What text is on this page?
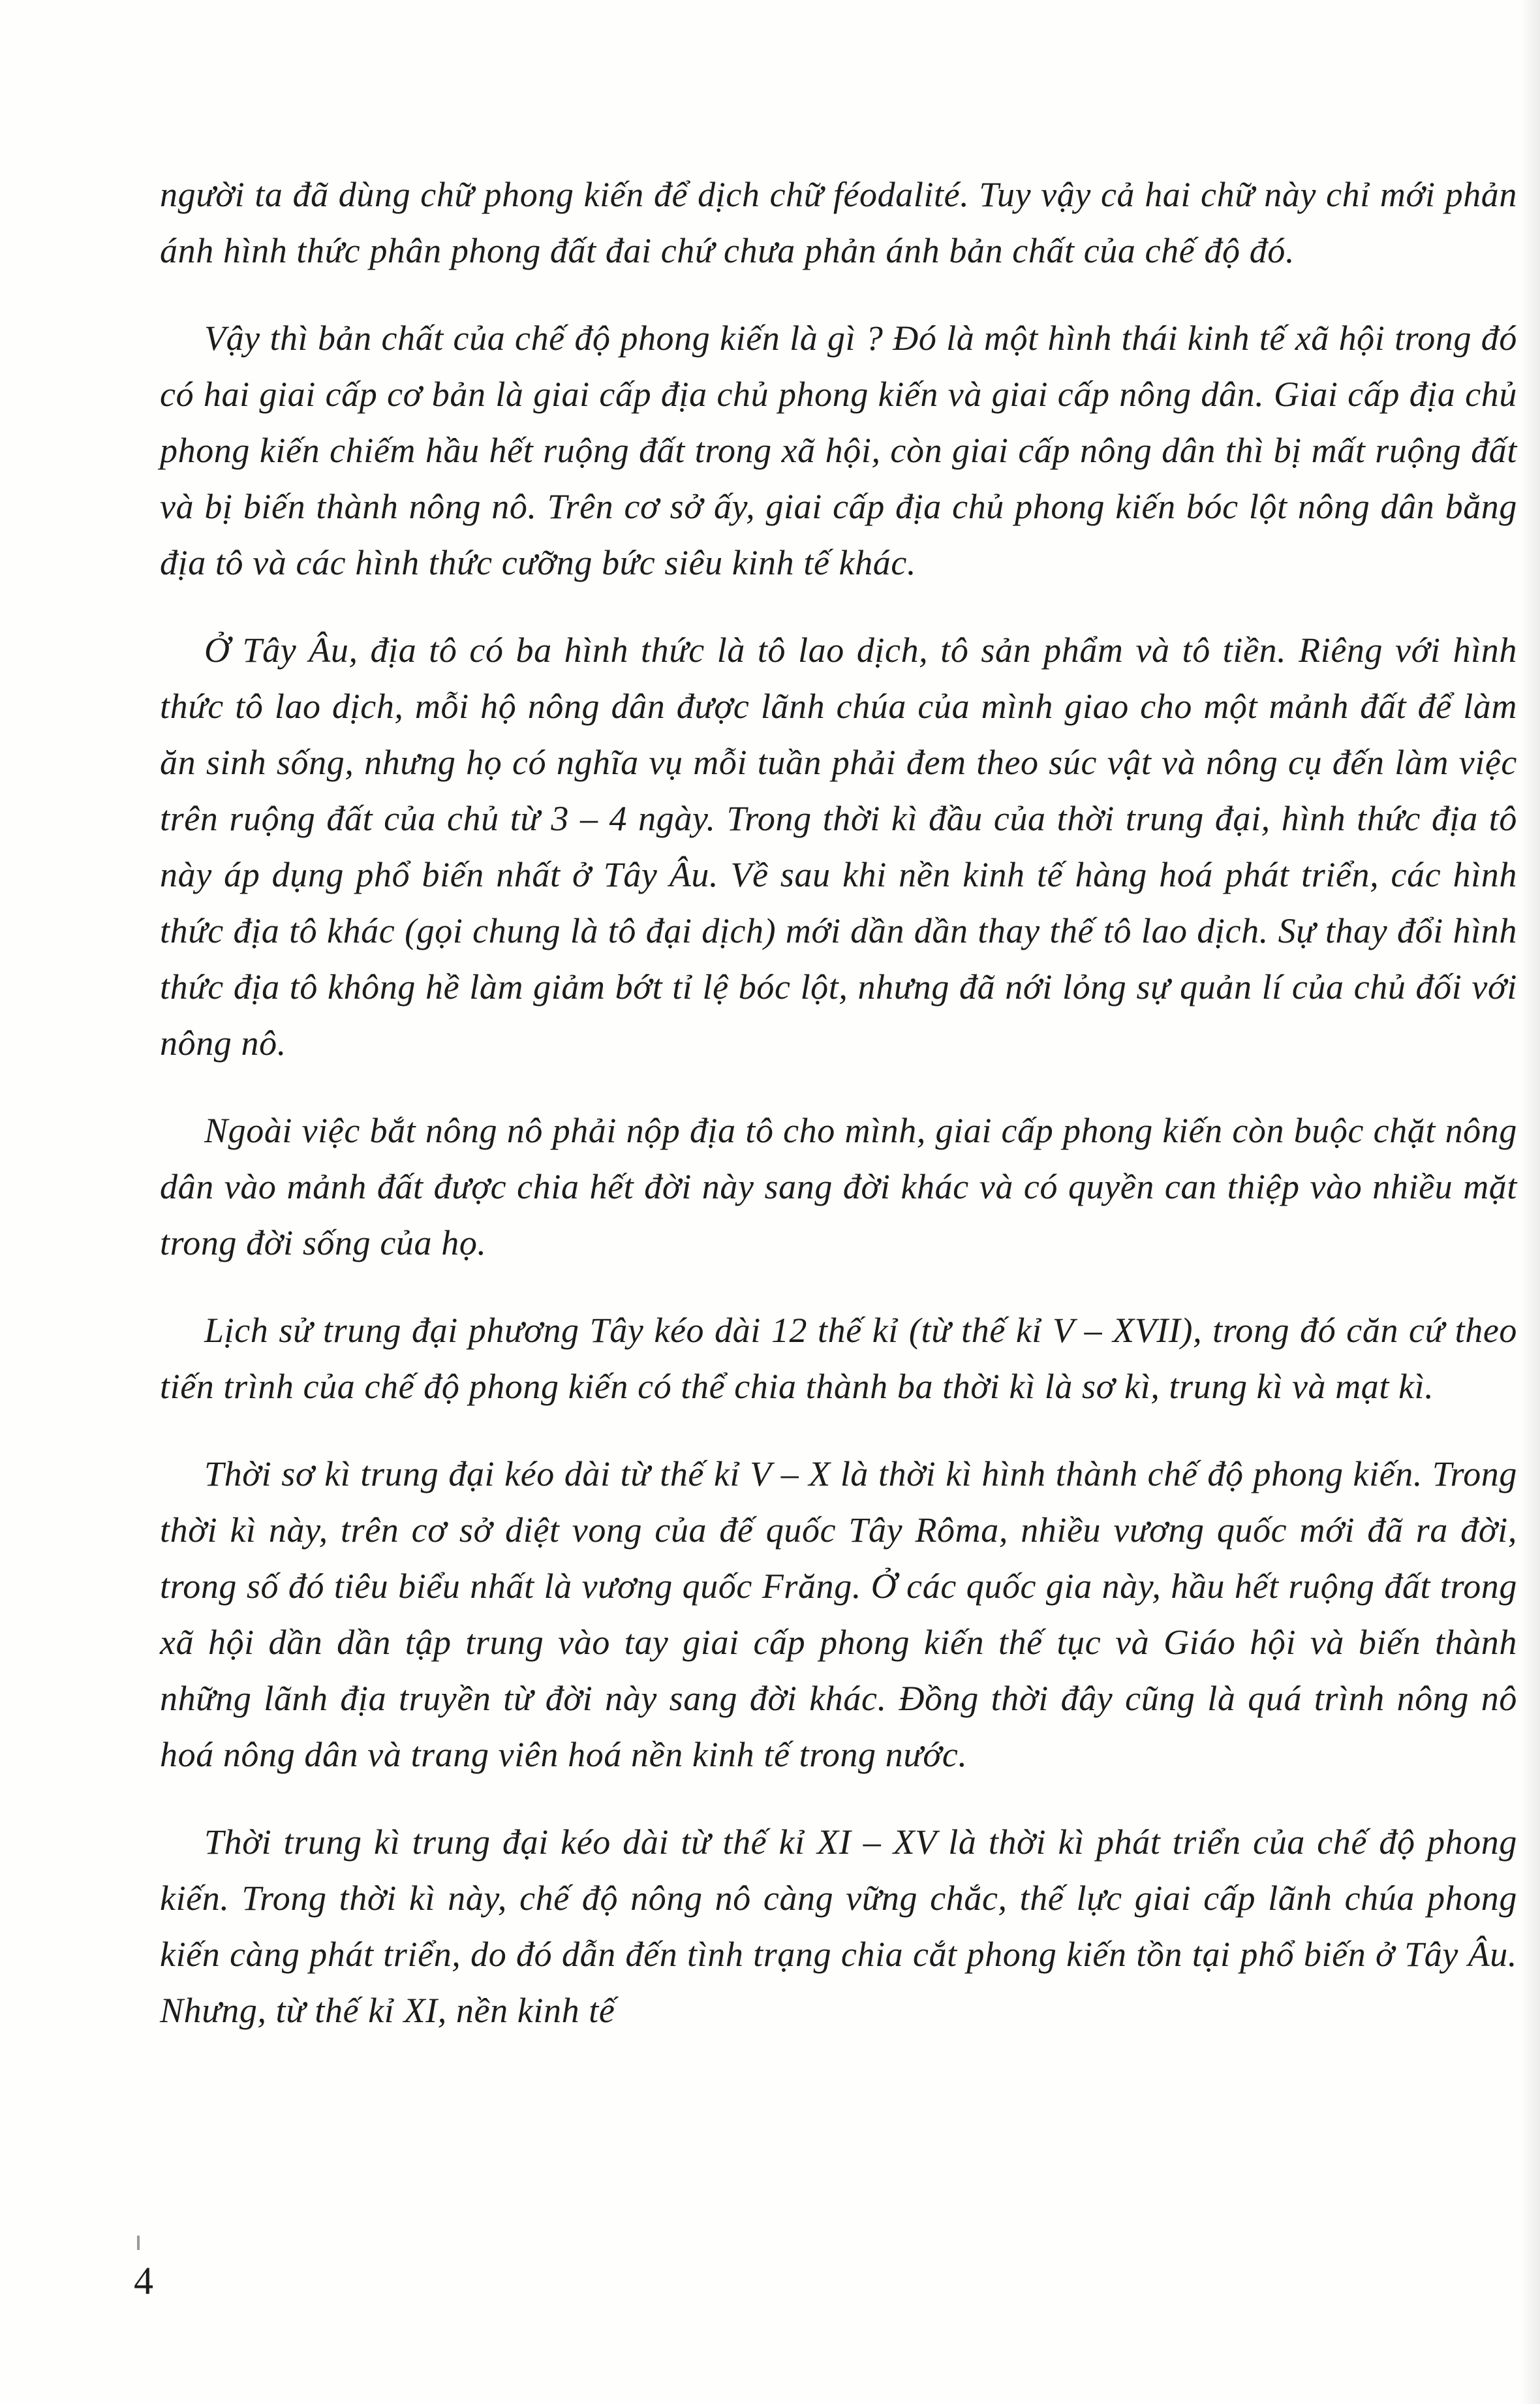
người ta đã dùng chữ phong kiến để dịch chữ féodalité. Tuy vậy cả hai chữ này chỉ mới phản ánh hình thức phân phong đất đai chứ chưa phản ánh bản chất của chế độ đó.

Vậy thì bản chất của chế độ phong kiến là gì ? Đó là một hình thái kinh tế xã hội trong đó có hai giai cấp cơ bản là giai cấp địa chủ phong kiến và giai cấp nông dân. Giai cấp địa chủ phong kiến chiếm hầu hết ruộng đất trong xã hội, còn giai cấp nông dân thì bị mất ruộng đất và bị biến thành nông nô. Trên cơ sở ấy, giai cấp địa chủ phong kiến bóc lột nông dân bằng địa tô và các hình thức cưỡng bức siêu kinh tế khác.

Ở Tây Âu, địa tô có ba hình thức là tô lao dịch, tô sản phẩm và tô tiền. Riêng với hình thức tô lao dịch, mỗi hộ nông dân được lãnh chúa của mình giao cho một mảnh đất để làm ăn sinh sống, nhưng họ có nghĩa vụ mỗi tuần phải đem theo súc vật và nông cụ đến làm việc trên ruộng đất của chủ từ 3 – 4 ngày. Trong thời kì đầu của thời trung đại, hình thức địa tô này áp dụng phổ biến nhất ở Tây Âu. Về sau khi nền kinh tế hàng hoá phát triển, các hình thức địa tô khác (gọi chung là tô đại dịch) mới dần dần thay thế tô lao dịch. Sự thay đổi hình thức địa tô không hề làm giảm bớt tỉ lệ bóc lột, nhưng đã nới lỏng sự quản lí của chủ đối với nông nô.

Ngoài việc bắt nông nô phải nộp địa tô cho mình, giai cấp phong kiến còn buộc chặt nông dân vào mảnh đất được chia hết đời này sang đời khác và có quyền can thiệp vào nhiều mặt trong đời sống của họ.

Lịch sử trung đại phương Tây kéo dài 12 thế kỉ (từ thế kỉ V – XVII), trong đó căn cứ theo tiến trình của chế độ phong kiến có thể chia thành ba thời kì là sơ kì, trung kì và mạt kì.

Thời sơ kì trung đại kéo dài từ thế kỉ V – X là thời kì hình thành chế độ phong kiến. Trong thời kì này, trên cơ sở diệt vong của đế quốc Tây Rôma, nhiều vương quốc mới đã ra đời, trong số đó tiêu biểu nhất là vương quốc Frăng. Ở các quốc gia này, hầu hết ruộng đất trong xã hội dần dần tập trung vào tay giai cấp phong kiến thế tục và Giáo hội và biến thành những lãnh địa truyền từ đời này sang đời khác. Đồng thời đây cũng là quá trình nông nô hoá nông dân và trang viên hoá nền kinh tế trong nước.

Thời trung kì trung đại kéo dài từ thế kỉ XI – XV là thời kì phát triển của chế độ phong kiến. Trong thời kì này, chế độ nông nô càng vững chắc, thế lực giai cấp lãnh chúa phong kiến càng phát triển, do đó dẫn đến tình trạng chia cắt phong kiến tồn tại phổ biến ở Tây Âu. Nhưng, từ thế kỉ XI, nền kinh tế

4
